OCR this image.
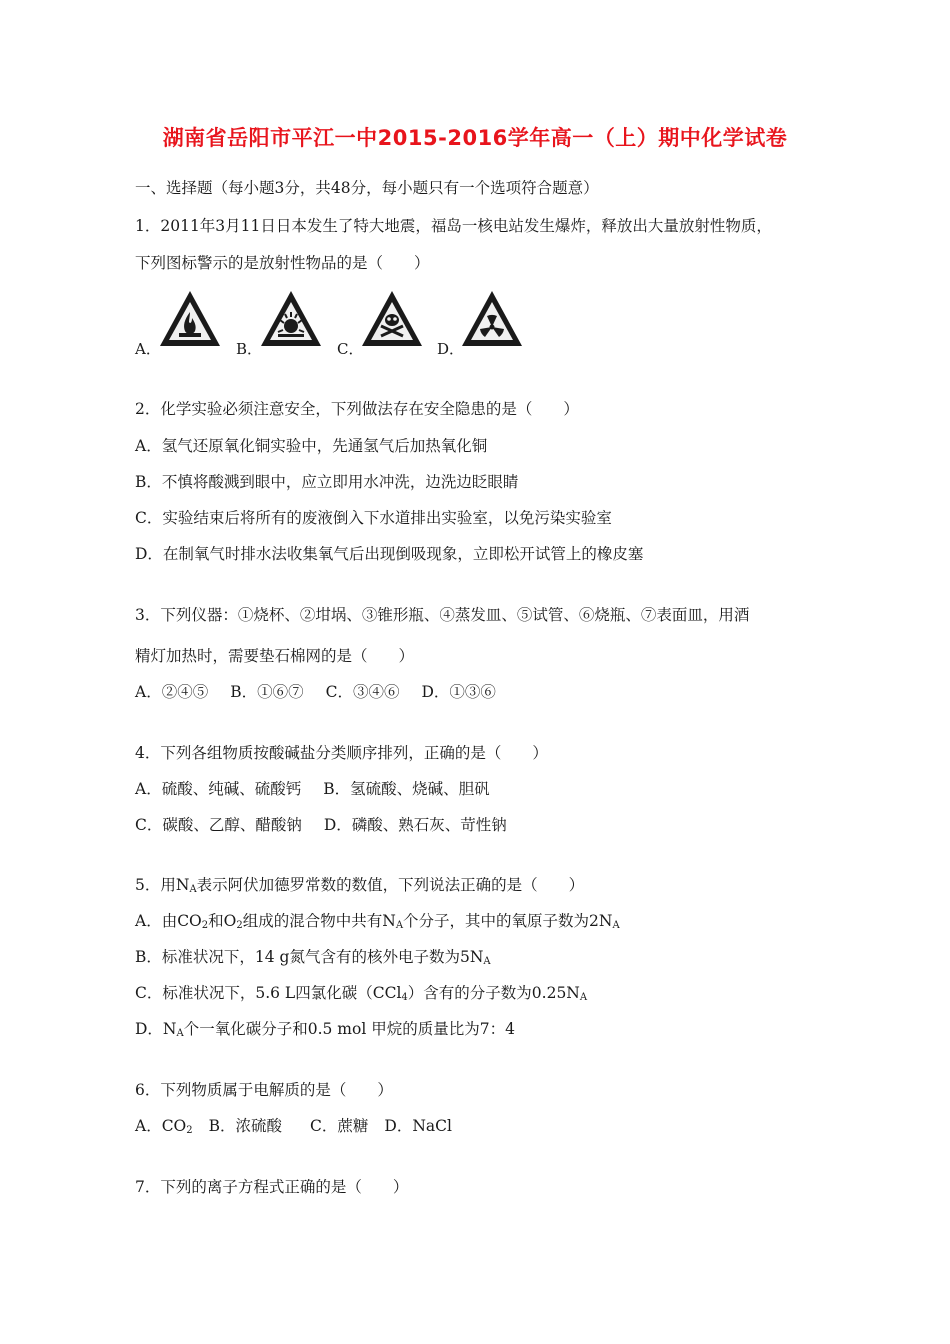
湖南省岳阳市平江一中2015-2016学年高一（上）期中化学试卷
一、选择题（每小题3分，共48分，每小题只有一个选项符合题意）
1．2011年3月11日日本发生了特大地震，福岛一核电站发生爆炸，释放出大量放射性物质，
下列图标警示的是放射性物品的是（　　）
A．	B．	C．	D．
2．化学实验必须注意安全，下列做法存在安全隐患的是（　　）
A．氢气还原氧化铜实验中，先通氢气后加热氧化铜
B．不慎将酸溅到眼中，应立即用水冲洗，边洗边眨眼睛
C．实验结束后将所有的废液倒入下水道排出实验室，以免污染实验室
D．在制氧气时排水法收集氧气后出现倒吸现象，立即松开试管上的橡皮塞
3．下列仪器：①烧杯、②坩埚、③锥形瓶、④蒸发皿、⑤试管、⑥烧瓶、⑦表面皿，用酒
精灯加热时，需要垫石棉网的是（　　）
A．②④⑤ B．①⑥⑦ C．③④⑥ D．①③⑥
4．下列各组物质按酸碱盐分类顺序排列，正确的是（　　）
A．硫酸、纯碱、硫酸钙 B．氢硫酸、烧碱、胆矾
C．碳酸、乙醇、醋酸钠 D．磷酸、熟石灰、苛性钠
5．用$N_A$表示阿伏加德罗常数的数值，下列说法正确的是（　　）
A．由$CO_2$和$O_2$组成的混合物中共有$N_A$个分子，其中的氧原子数为$2N_A$
B．标准状况下，14 g氮气含有的核外电子数为$5N_A$
C．标准状况下，5.6 L四氯化碳（CCl$_4$）含有的分子数为$0.25N_A$
D．$N_A$个一氧化碳分子和0.5 mol 甲烷的质量比为7：4
6．下列物质属于电解质的是（　　）
A．$CO_2$ B．浓硫酸 C．蔗糖 D．NaCl
7．下列的离子方程式正确的是（　　）
